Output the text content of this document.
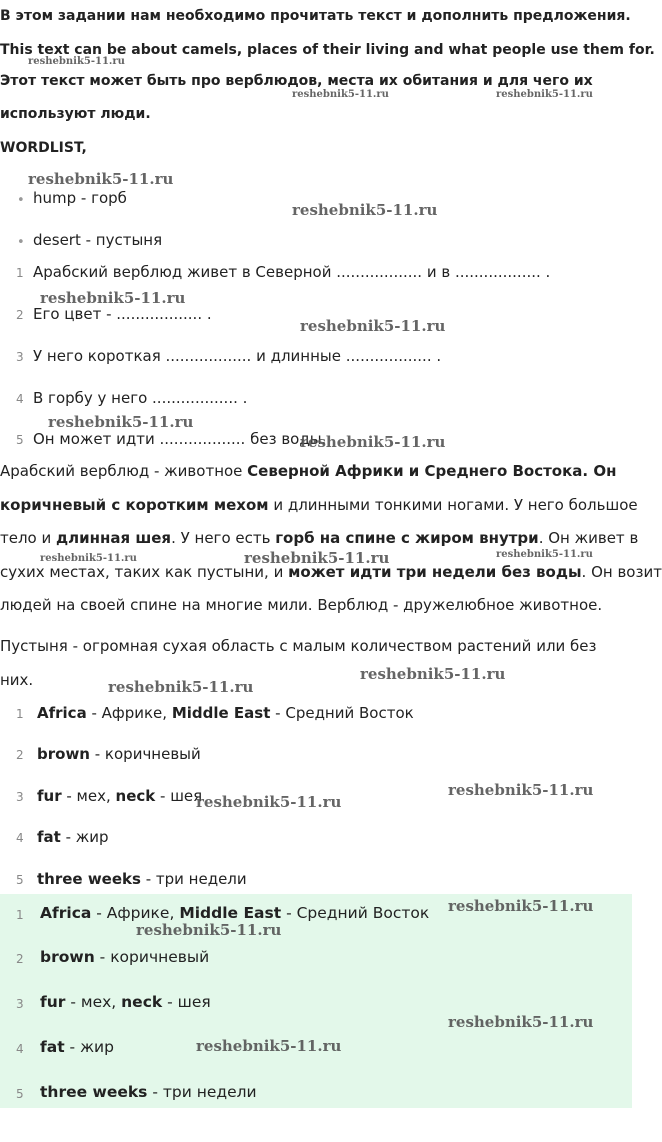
В этом задании нам необходимо прочитать текст и дополнить предложения.
This text can be about camels, places of their living and what people use them for.
Этот текст может быть про верблюдов, места их обитания и для чего их
используют люди.
WORDLIST,
• hump - горб
• desert - пустыня
1 Арабский верблюд живет в Северной .................. и в .................. .
2 Его цвет - .................. .
3 У него короткая .................. и длинные .................. .
4 В горбу у него .................. .
5 Он может идти .................. без воды.
Арабский верблюд - животное Северной Африки и Среднего Востока. Он
коричневый с коротким мехом и длинными тонкими ногами. У него большое
тело и длинная шея. У него есть горб на спине с жиром внутри. Он живет в
сухих местах, таких как пустыни, и может идти три недели без воды. Он возит
людей на своей спине на многие мили. Верблюд - дружелюбное животное.
Пустыня - огромная сухая область с малым количеством растений или без
них.
1 Africa - Африке, Middle East - Средний Восток
2 brown - коричневый
3 fur - мех, neck - шея
4 fat - жир
5 three weeks - три недели
1 Africa - Африке, Middle East - Средний Восток
2 brown - коричневый
3 fur - мех, neck - шея
4 fat - жир
5 three weeks - три недели
reshebnik5-11.ru
reshebnik5-11.ru	reshebnik5-11.ru
reshebnik5-11.ru
reshebnik5-11.ru
reshebnik5-11.ru
reshebnik5-11.ru
reshebnik5-11.ru
reshebnik5-11.ru
reshebnik5-11.ru	reshebnik5-11.ru	reshebnik5-11.ru
reshebnik5-11.ru
reshebnik5-11.ru
reshebnik5-11.ru
reshebnik5-11.ru
reshebnik5-11.ru
reshebnik5-11.ru
reshebnik5-11.ru
reshebnik5-11.ru
